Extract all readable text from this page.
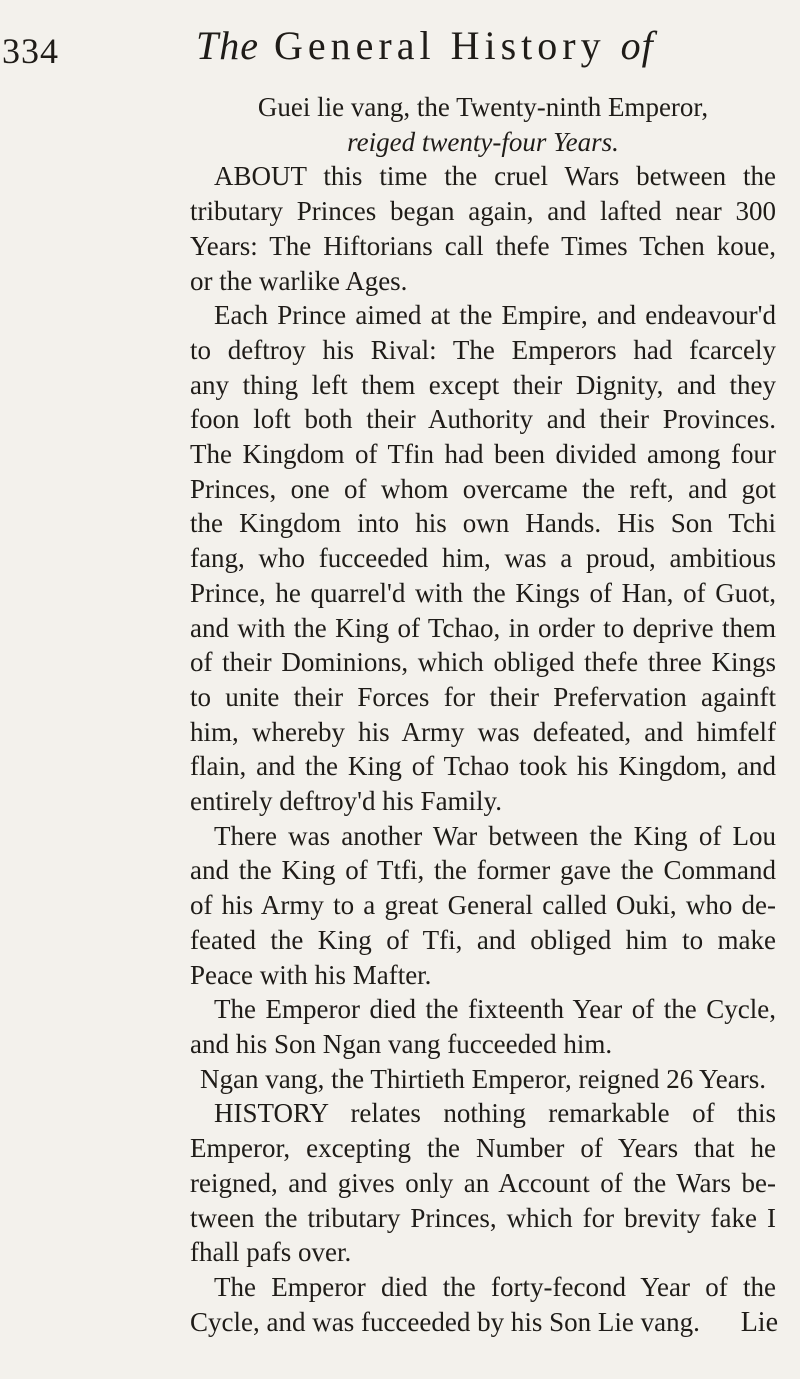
334	The General History of
Guei lie vang, the Twenty-ninth Emperor,
reiged twenty-four Years.
ABOUT this time the cruel Wars between the
tributary Princes began again, and lafted near 300
Years: The Hiftorians call thefe Times Tchen koue,
or the warlike Ages.
Each Prince aimed at the Empire, and endeavour'd
to deftroy his Rival: The Emperors had fcarcely
any thing left them except their Dignity, and they
foon loft both their Authority and their Provinces.
The Kingdom of Tfin had been divided among four
Princes, one of whom overcame the reft, and got
the Kingdom into his own Hands. His Son Tchi
fang, who fucceeded him, was a proud, ambitious
Prince, he quarrel'd with the Kings of Han, of Guot,
and with the King of Tchao, in order to deprive them
of their Dominions, which obliged thefe three Kings
to unite their Forces for their Prefervation againft
him, whereby his Army was defeated, and himfelf
flain, and the King of Tchao took his Kingdom, and
entirely deftroy'd his Family.
There was another War between the King of Lou
and the King of Ttfi, the former gave the Command
of his Army to a great General called Ouki, who de-
feated the King of Tfi, and obliged him to make
Peace with his Mafter.
The Emperor died the fixteenth Year of the Cycle,
and his Son Ngan vang fucceeded him.
Ngan vang, the Thirtieth Emperor, reigned 26 Years.
HISTORY relates nothing remarkable of this
Emperor, excepting the Number of Years that he
reigned, and gives only an Account of the Wars be-
tween the tributary Princes, which for brevity fake I
fhall pafs over.
The Emperor died the forty-fecond Year of the
Cycle, and was fucceeded by his Son Lie vang.	Lie
